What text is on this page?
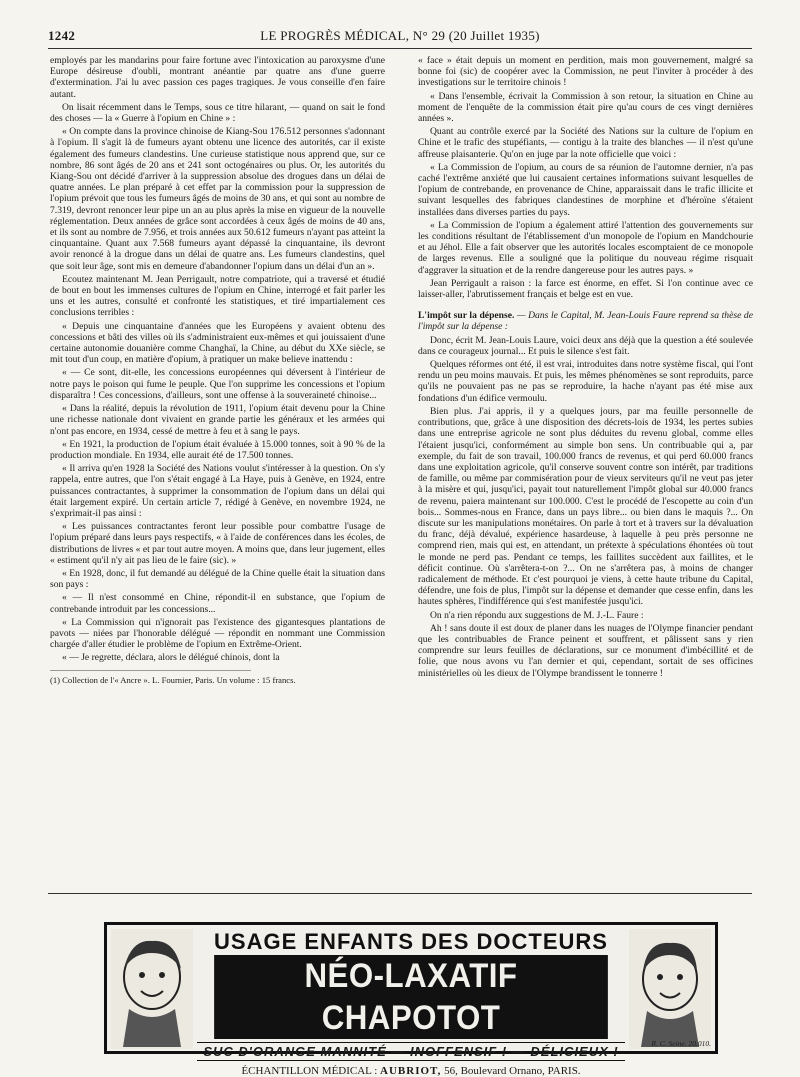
1242	LE PROGRÈS MÉDICAL, N° 29 (20 Juillet 1935)

employés par les mandarins pour faire fortune avec l'intoxication au paroxysme d'une Europe désireuse d'oubli, montrant anéantie par quatre ans d'une guerre d'extermination. J'ai lu avec passion ces pages tragiques. Je vous conseille d'en faire autant.

On lisait récemment dans le Temps, sous ce titre hilarant, — quand on sait le fond des choses — la « Guerre à l'opium en Chine » :

« On compte dans la province chinoise de Kiang-Sou 176.512 personnes s'adonnant à l'opium. Il s'agit là de fumeurs ayant obtenu une licence des autorités, car il existe également des fumeurs clandestins. Une curieuse statistique nous apprend que, sur ce nombre, 86 sont âgés de 20 ans et 241 sont octogénaires ou plus. Or, les autorités du Kiang-Sou ont décidé d'arriver à la suppression absolue des drogues dans un délai de quatre années. Le plan préparé à cet effet par la commission pour la suppression de l'opium prévoit que tous les fumeurs âgés de moins de 30 ans, et qui sont au nombre de 7.319, devront renoncer leur pipe un an au plus après la mise en vigueur de la nouvelle réglementation. Deux années de grâce sont accordées à ceux âgés de moins de 40 ans, et ils sont au nombre de 7.956, et trois années aux 50.612 fumeurs n'ayant pas atteint la cinquantaine. Quant aux 7.568 fumeurs ayant dépassé la cinquantaine, ils devront avoir renoncé à la drogue dans un délai de quatre ans. Les fumeurs clandestins, quel que soit leur âge, sont mis en demeure d'abandonner l'opium dans un délai d'un an ».

Ecoutez maintenant M. Jean Perrigault, notre compatriote, qui a traversé et étudié de bout en bout les immenses cultures de l'opium en Chine, interrogé et fait parler les uns et les autres, consulté et confronté les statistiques, et tiré impartialement ces conclusions terribles :

« Depuis une cinquantaine d'années que les Européens y avaient obtenu des concessions et bâti des villes où ils s'administraient eux-mêmes et qui jouissaient d'une certaine autonomie douanière comme Changhaï, la Chine, au début du XXe siècle, se mit tout d'un coup, en matière d'opium, à pratiquer un make believe inattendu :

« — Ce sont, dit-elle, les concessions européennes qui déversent à l'intérieur de notre pays le poison qui fume le peuple. Que l'on supprime les concessions et l'opium disparaîtra ! Ces concessions, d'ailleurs, sont une offense à la souveraineté chinoise...

« Dans la réalité, depuis la révolution de 1911, l'opium était devenu pour la Chine une richesse nationale dont vivaient en grande partie les généraux et les armées qui n'ont pas encore, en 1934, cessé de mettre à feu et à sang le pays.

« En 1921, la production de l'opium était évaluée à 15.000 tonnes, soit à 90 % de la production mondiale. En 1934, elle aurait été de 17.500 tonnes.

« Il arriva qu'en 1928 la Société des Nations voulut s'intéresser à la question. On s'y rappela, entre autres, que l'on s'était engagé à La Haye, puis à Genève, en 1924, entre puissances contractantes, à supprimer la consommation de l'opium dans un délai qui était largement expiré. Un certain article 7, rédigé à Genève, en novembre 1924, ne s'exprimait-il pas ainsi :

« Les puissances contractantes feront leur possible pour combattre l'usage de l'opium préparé dans leurs pays respectifs, « à l'aide de conférences dans les écoles, de distributions de livres « et par tout autre moyen. A moins que, dans leur jugement, elles « estiment qu'il n'y ait pas lieu de le faire (sic). »

« En 1928, donc, il fut demandé au délégué de la Chine quelle était la situation dans son pays :

« — Il n'est consommé en Chine, répondit-il en substance, que l'opium de contrebande introduit par les concessions...

« La Commission qui n'ignorait pas l'existence des gigantesques plantations de pavots — niées par l'honorable délégué — répondit en nommant une Commission chargée d'aller étudier le problème de l'opium en Extrême-Orient.

« — Je regrette, déclara, alors le délégué chinois, dont la

(1) Collection de l'« Ancre ». L. Fournier, Paris. Un volume : 15 francs.

« face » était depuis un moment en perdition, mais mon gouvernement, malgré sa bonne foi (sic) de coopérer avec la Commission, ne peut l'inviter à procéder à des investigations sur le territoire chinois !

« Dans l'ensemble, écrivait la Commission à son retour, la situation en Chine au moment de l'enquête de la commission était pire qu'au cours de ces vingt dernières années ».

Quant au contrôle exercé par la Société des Nations sur la culture de l'opium en Chine et le trafic des stupéfiants, — contigu à la traite des blanches — il n'est qu'une affreuse plaisanterie. Qu'on en juge par la note officielle que voici :

« La Commission de l'opium, au cours de sa réunion de l'automne dernier, n'a pas caché l'extrême anxiété que lui causaient certaines informations suivant lesquelles de l'opium de contrebande, en provenance de Chine, apparaissait dans le trafic illicite et suivant lesquelles des fabriques clandestines de morphine et d'héroïne s'étaient installées dans diverses parties du pays.

« La Commission de l'opium a également attiré l'attention des gouvernements sur les conditions résultant de l'établissement d'un monopole de l'opium en Mandchourie et au Jéhol. Elle a fait observer que les autorités locales escomptaient de ce monopole de larges revenus. Elle a souligné que la politique du nouveau régime risquait d'aggraver la situation et de la rendre dangereuse pour les autres pays. »

Jean Perrigault a raison : la farce est énorme, en effet. Si l'on continue avec ce laisser-aller, l'abrutissement français et belge est en vue.

L'impôt sur la dépense. — Dans le Capital, M. Jean-Louis Faure reprend sa thèse de l'impôt sur la dépense :

Donc, écrit M. Jean-Louis Laure, voici deux ans déjà que la question a été soulevée dans ce courageux journal... Et puis le silence s'est fait.

Quelques réformes ont été, il est vrai, introduites dans notre système fiscal, qui l'ont rendu un peu moins mauvais. Et puis, les mêmes phénomènes se sont reproduits, parce qu'ils ne pouvaient pas ne pas se reproduire, la hache n'ayant pas été mise aux fondations d'un édifice vermoulu.

Bien plus. J'ai appris, il y a quelques jours, par ma feuille personnelle de contributions, que, grâce à une disposition des décrets-lois de 1934, les pertes subies dans une entreprise agricole ne sont plus déduites du revenu global, comme elles l'étaient jusqu'ici, conformément au simple bon sens. Un contribuable qui a, par exemple, du fait de son travail, 100.000 francs de revenus, et qui perd 60.000 francs dans une exploitation agricole, qu'il conserve souvent contre son intérêt, par traditions de famille, ou même par commisération pour de vieux serviteurs qu'il ne veut pas jeter à la misère et qui, jusqu'ici, payait tout naturellement l'impôt global sur 40.000 francs de revenu, paiera maintenant sur 100.000. C'est le procédé de l'escopette au coin d'un bois... Sommes-nous en France, dans un pays libre... ou bien dans le maquis ?... On discute sur les manipulations monétaires. On parle à tort et à travers sur la dévaluation du franc, déjà dévalué, expérience hasardeuse, à laquelle à peu près personne ne comprend rien, mais qui est, en attendant, un prétexte à spéculations éhontées où tout le monde ne perd pas. Pendant ce temps, les faillites succèdent aux faillites, et le déficit continue. Où s'arrêtera-t-on ?... On ne s'arrêtera pas, à moins de changer radicalement de méthode. Et c'est pourquoi je viens, à cette haute tribune du Capital, défendre, une fois de plus, l'impôt sur la dépense et demander que cesse enfin, dans les hautes sphères, l'indifférence qui s'est manifestée jusqu'ici.

On n'a rien répondu aux suggestions de M. J.-L. Faure :

Ah ! sans doute il est doux de planer dans les nuages de l'Olympe financier pendant que les contribuables de France peinent et souffrent, et pâlissent sans y rien comprendre sur leurs feuilles de déclarations, sur ce monument d'imbécillité et de folie, que nous avons vu l'an dernier et qui, cependant, sortait de ses officines ministérielles où les dieux de l'Olympe brandissent le tonnerre !

USAGE ENFANTS DES DOCTEURS
NÉO-LAXATIF CHAPOTOT
SUC D'ORANGE MANNITÉ — INOFFENSIF ! — DÉLICIEUX !
ÉCHANTILLON MÉDICAL : AUBRIOT, 56, Boulevard Ornano, PARIS.
R. C. Seine. 20.010.
